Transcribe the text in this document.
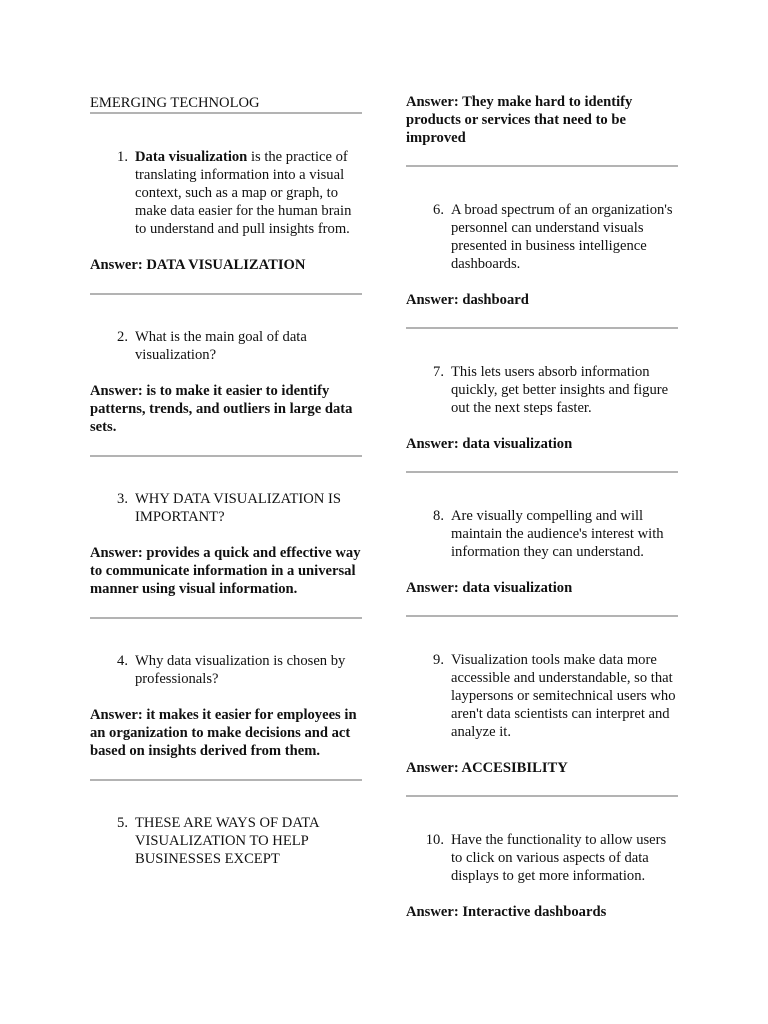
EMERGING TECHNOLOG

1. Data visualization is the practice of translating information into a visual context, such as a map or graph, to make data easier for the human brain to understand and pull insights from.

Answer: DATA VISUALIZATION

2. What is the main goal of data visualization?

Answer: is to make it easier to identify patterns, trends, and outliers in large data sets.

3. WHY DATA VISUALIZATION IS IMPORTANT?

Answer: provides a quick and effective way to communicate information in a universal manner using visual information.

4. Why data visualization is chosen by professionals?

Answer: it makes it easier for employees in an organization to make decisions and act based on insights derived from them.

5. THESE ARE WAYS OF DATA VISUALIZATION TO HELP BUSINESSES EXCEPT

Answer: They make hard to identify products or services that need to be improved

6. A broad spectrum of an organization's personnel can understand visuals presented in business intelligence dashboards.

Answer: dashboard

7. This lets users absorb information quickly, get better insights and figure out the next steps faster.

Answer: data visualization

8. Are visually compelling and will maintain the audience's interest with information they can understand.

Answer: data visualization

9. Visualization tools make data more accessible and understandable, so that laypersons or semitechnical users who aren't data scientists can interpret and analyze it.

Answer: ACCESIBILITY

10. Have the functionality to allow users to click on various aspects of data displays to get more information.

Answer: Interactive dashboards
